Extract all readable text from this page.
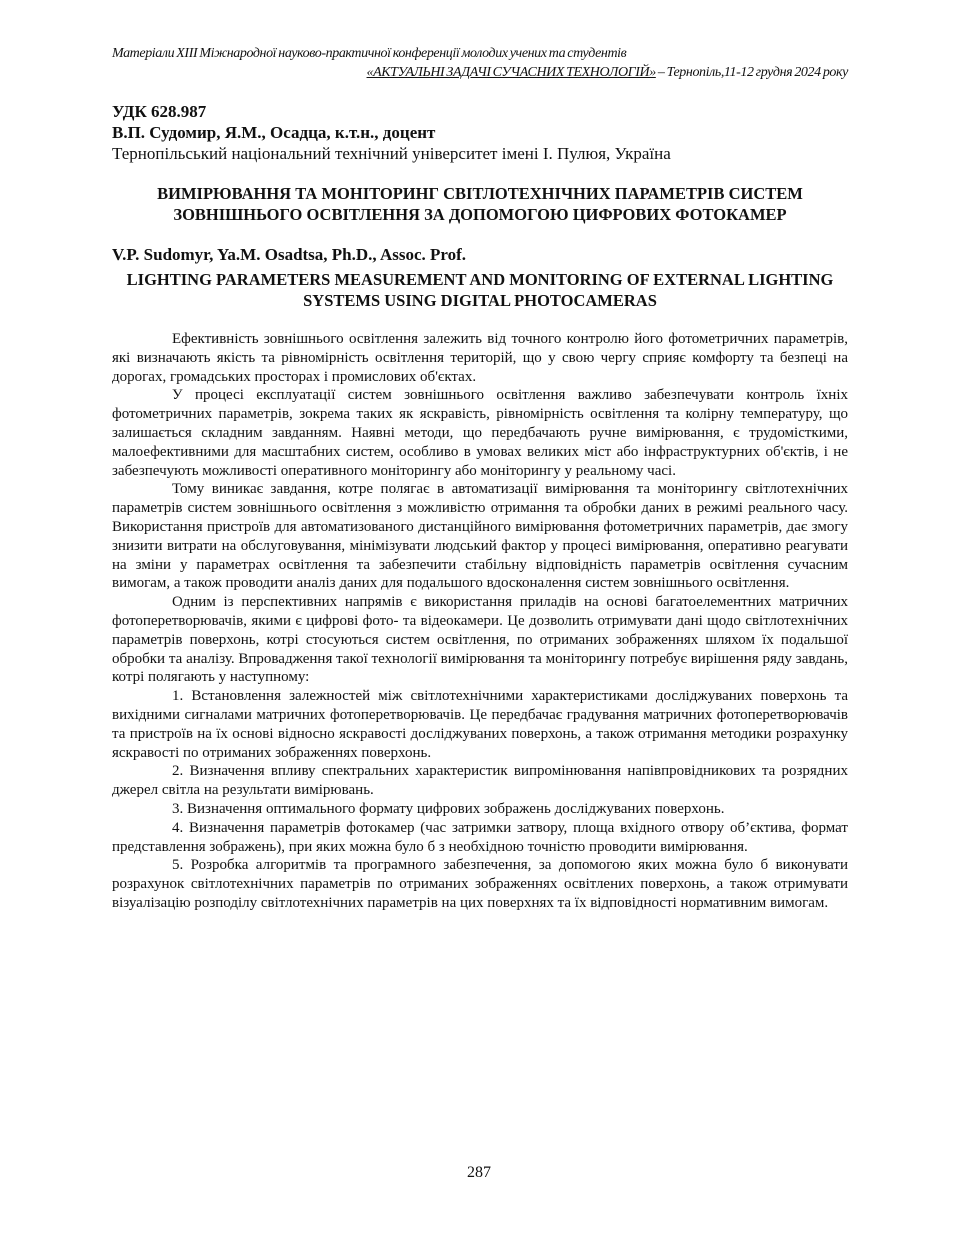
Матеріали XIII Міжнародної науково-практичної конференції молодих учених та студентів
«АКТУАЛЬНІ ЗАДАЧІ СУЧАСНИХ ТЕХНОЛОГІЙ» – Тернопіль,11-12 грудня 2024 року
УДК 628.987
В.П. Судомир, Я.М., Осадца, к.т.н., доцент
Тернопільський національний технічний університет імені І. Пулюя, Україна
ВИМІРЮВАННЯ ТА МОНІТОРИНГ СВІТЛОТЕХНІЧНИХ ПАРАМЕТРІВ СИСТЕМ ЗОВНІШНЬОГО ОСВІТЛЕННЯ ЗА ДОПОМОГОЮ ЦИФРОВИХ ФОТОКАМЕР
V.P. Sudomyr, Ya.M. Osadtsa, Ph.D., Assoc. Prof.
LIGHTING PARAMETERS MEASUREMENT AND MONITORING OF EXTERNAL LIGHTING SYSTEMS USING DIGITAL PHOTOCAMERAS

Ефективність зовнішнього освітлення залежить від точного контролю його фотометричних параметрів, які визначають якість та рівномірність освітлення територій, що у свою чергу сприяє комфорту та безпеці на дорогах, громадських просторах і промислових об'єктах.

У процесі експлуатації систем зовнішнього освітлення важливо забезпечувати контроль їхніх фотометричних параметрів, зокрема таких як яскравість, рівномірність освітлення та колірну температуру, що залишається складним завданням. Наявні методи, що передбачають ручне вимірювання, є трудомісткими, малоефективними для масштабних систем, особливо в умовах великих міст або інфраструктурних об'єктів, і не забезпечують можливості оперативного моніторингу або моніторингу у реальному часі.

Тому виникає завдання, котре полягає в автоматизації вимірювання та моніторингу світлотехнічних параметрів систем зовнішнього освітлення з можливістю отримання та обробки даних в режимі реального часу. Використання пристроїв для автоматизованого дистанційного вимірювання фотометричних параметрів, дає змогу знизити витрати на обслуговування, мінімізувати людський фактор у процесі вимірювання, оперативно реагувати на зміни у параметрах освітлення та забезпечити стабільну відповідність параметрів освітлення сучасним вимогам, а також проводити аналіз даних для подальшого вдосконалення систем зовнішнього освітлення.

Одним із перспективних напрямів є використання приладів на основі багатоелементних матричних фотоперетворювачів, якими є цифрові фото- та відеокамери. Це дозволить отримувати дані щодо світлотехнічних параметрів поверхонь, котрі стосуються систем освітлення, по отриманих зображеннях шляхом їх подальшої обробки та аналізу. Впровадження такої технології вимірювання та моніторингу потребує вирішення ряду завдань, котрі полягають у наступному:

1. Встановлення залежностей між світлотехнічними характеристиками досліджуваних поверхонь та вихідними сигналами матричних фотоперетворювачів. Це передбачає градування матричних фотоперетворювачів та пристроїв на їх основі відносно яскравості досліджуваних поверхонь, а також отримання методики розрахунку яскравості по отриманих зображеннях поверхонь.

2. Визначення впливу спектральних характеристик випромінювання напівпровідникових та розрядних джерел світла на результати вимірювань.

3. Визначення оптимального формату цифрових зображень досліджуваних поверхонь.

4. Визначення параметрів фотокамер (час затримки затвору, площа вхідного отвору об’єктива, формат представлення зображень), при яких можна було б з необхідною точністю проводити вимірювання.

5. Розробка алгоритмів та програмного забезпечення, за допомогою яких можна було б виконувати розрахунок світлотехнічних параметрів по отриманих зображеннях освітлених поверхонь, а також отримувати візуалізацію розподілу світлотехнічних параметрів на цих поверхнях та їх відповідності нормативним вимогам.

287
